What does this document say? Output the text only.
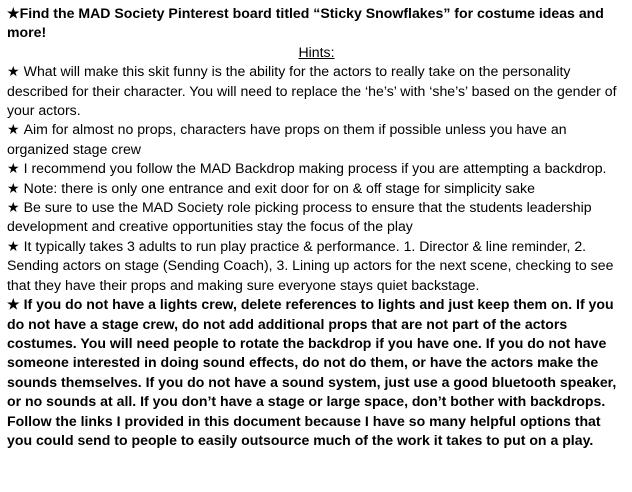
★Find the MAD Society Pinterest board titled “Sticky Snowflakes” for costume ideas and more!

Hints:

★ What will make this skit funny is the ability for the actors to really take on the personality described for their character. You will need to replace the ‘he’s’ with ‘she’s’ based on the gender of your actors.

★ Aim for almost no props, characters have props on them if possible unless you have an organized stage crew

★ I recommend you follow the MAD Backdrop making process if you are attempting a backdrop.

★ Note: there is only one entrance and exit door for on & off stage for simplicity sake

★ Be sure to use the MAD Society role picking process to ensure that the students leadership development and creative opportunities stay the focus of the play

★ It typically takes 3 adults to run play practice & performance. 1. Director & line reminder, 2. Sending actors on stage (Sending Coach), 3. Lining up actors for the next scene, checking to see that they have their props and making sure everyone stays quiet backstage.

★ If you do not have a lights crew, delete references to lights and just keep them on. If you do not have a stage crew, do not add additional props that are not part of the actors costumes. You will need people to rotate the backdrop if you have one. If you do not have someone interested in doing sound effects, do not do them, or have the actors make the sounds themselves. If you do not have a sound system, just use a good bluetooth speaker, or no sounds at all. If you don’t have a stage or large space, don’t bother with backdrops. Follow the links I provided in this document because I have so many helpful options that you could send to people to easily outsource much of the work it takes to put on a play.
